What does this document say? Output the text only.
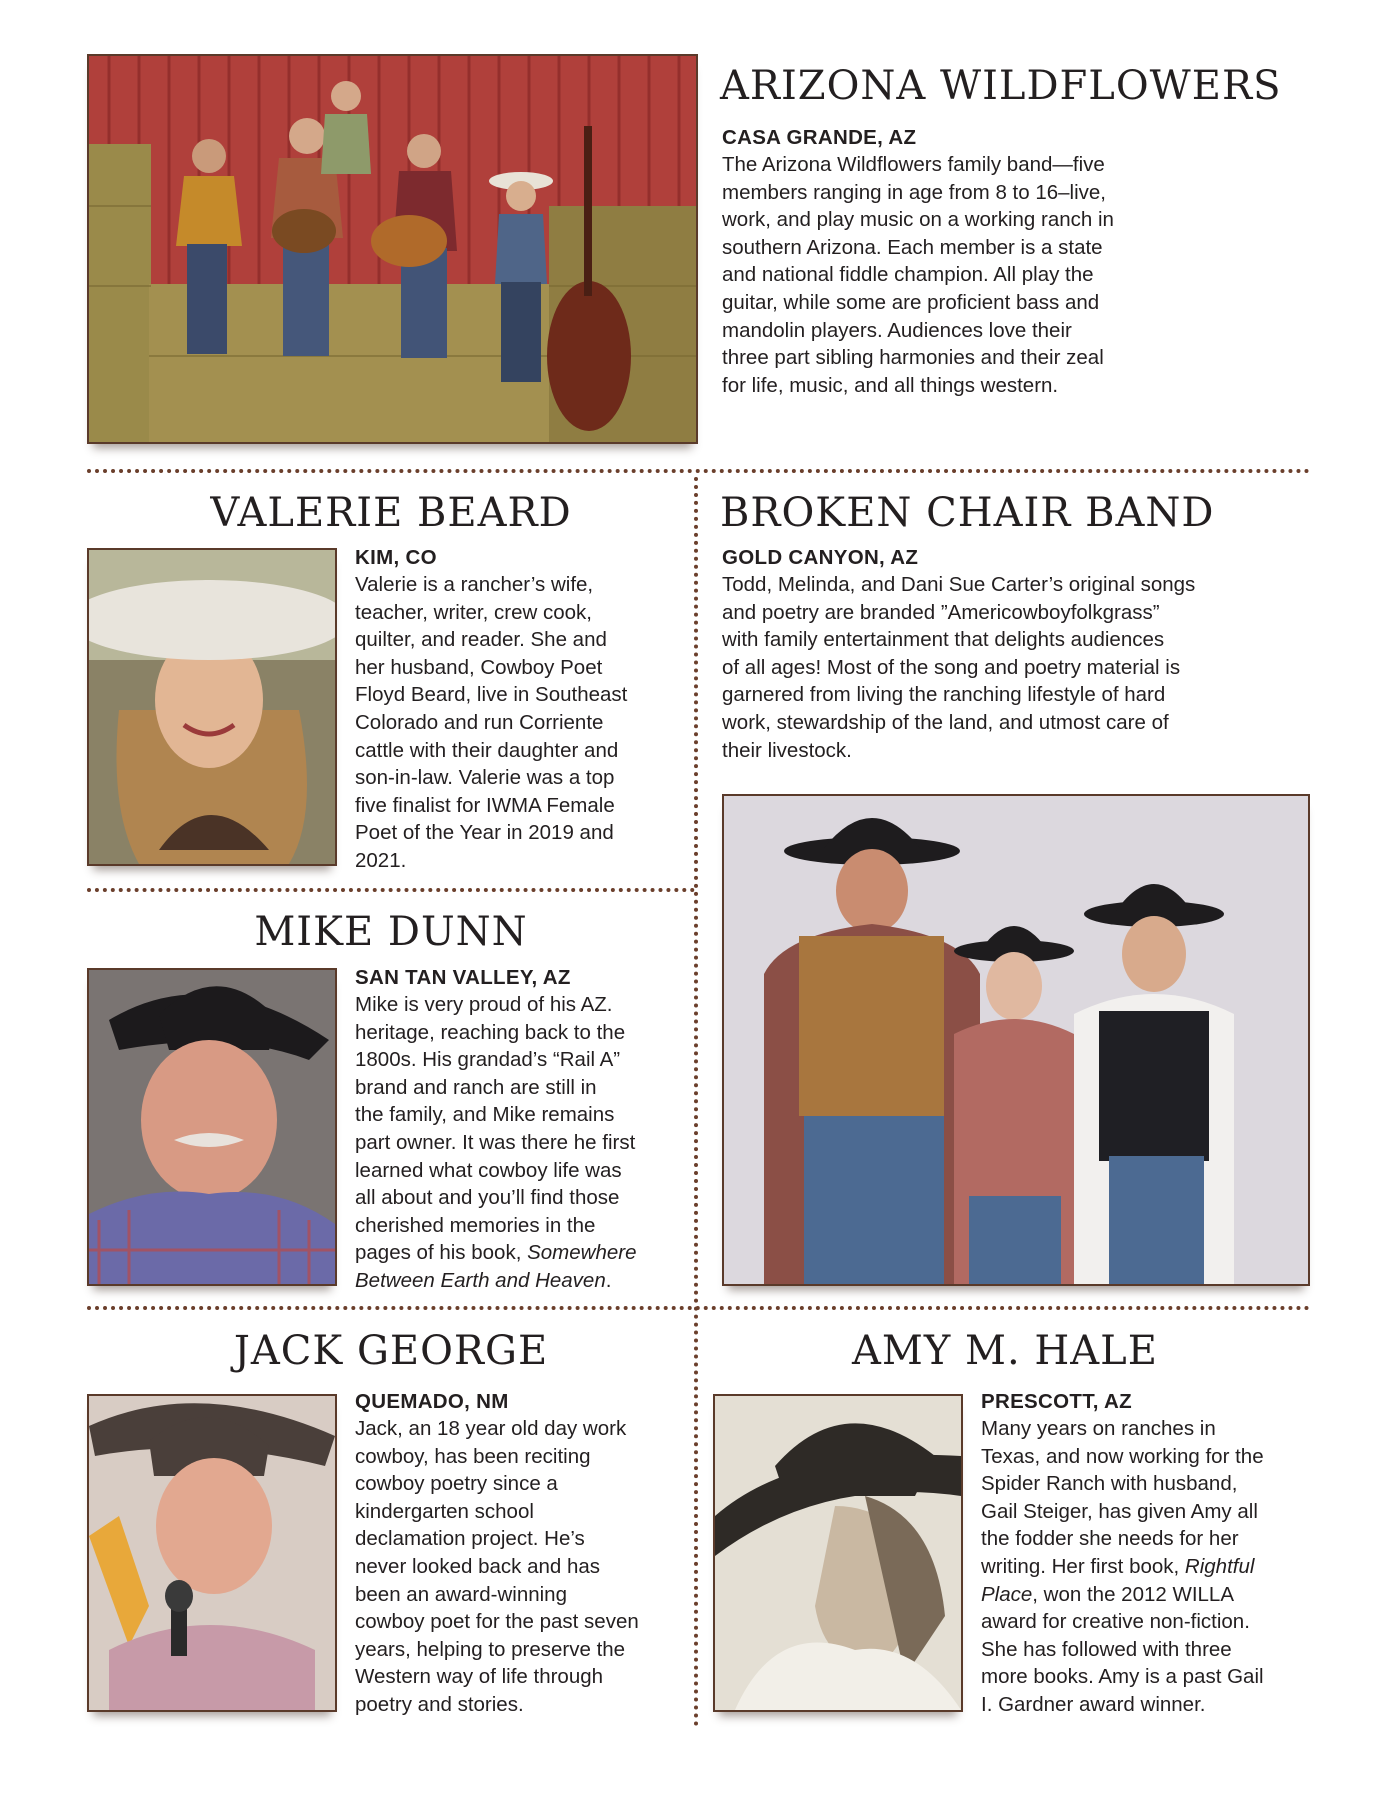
ARIZONA WILDFLOWERS

CASA GRANDE, AZ

The Arizona Wildflowers family band—five
members ranging in age from 8 to 16–live,
work, and play music on a working ranch in
southern Arizona. Each member is a state
and national fiddle champion. All play the
guitar, while some are proficient bass and
mandolin players. Audiences love their
three part sibling harmonies and their zeal
for life, music, and all things western.

VALERIE BEARD

KIM, CO

Valerie is a rancher’s wife,
teacher, writer, crew cook,
quilter, and reader. She and
her husband, Cowboy Poet
Floyd Beard, live in Southeast
Colorado and run Corriente
cattle with their daughter and
son-in-law. Valerie was a top
five finalist for IWMA Female
Poet of the Year in 2019 and
2021.

BROKEN CHAIR BAND

GOLD CANYON, AZ

Todd, Melinda, and Dani Sue Carter’s original songs
and poetry are branded ”Americowboyfolkgrass”
with family entertainment that delights audiences
of all ages! Most of the song and poetry material is
garnered from living the ranching lifestyle of hard
work, stewardship of the land, and utmost care of
their livestock.

MIKE DUNN

SAN TAN VALLEY, AZ

Mike is very proud of his AZ.
heritage, reaching back to the
1800s. His grandad’s “Rail A”
brand and ranch are still in
the family, and Mike remains
part owner. It was there he first
learned what cowboy life was
all about and you’ll find those
cherished memories in the
pages of his book, Somewhere
Between Earth and Heaven.

JACK GEORGE

QUEMADO, NM

Jack, an 18 year old day work
cowboy, has been reciting
cowboy poetry since a
kindergarten school
declamation project. He’s
never looked back and has
been an award-winning
cowboy poet for the past seven
years, helping to preserve the
Western way of life through
poetry and stories.

AMY M. HALE

PRESCOTT, AZ

Many years on ranches in
Texas, and now working for the
Spider Ranch with husband,
Gail Steiger, has given Amy all
the fodder she needs for her
writing. Her first book, Rightful
Place, won the 2012 WILLA
award for creative non-fiction.
She has followed with three
more books. Amy is a past Gail
I. Gardner award winner.
